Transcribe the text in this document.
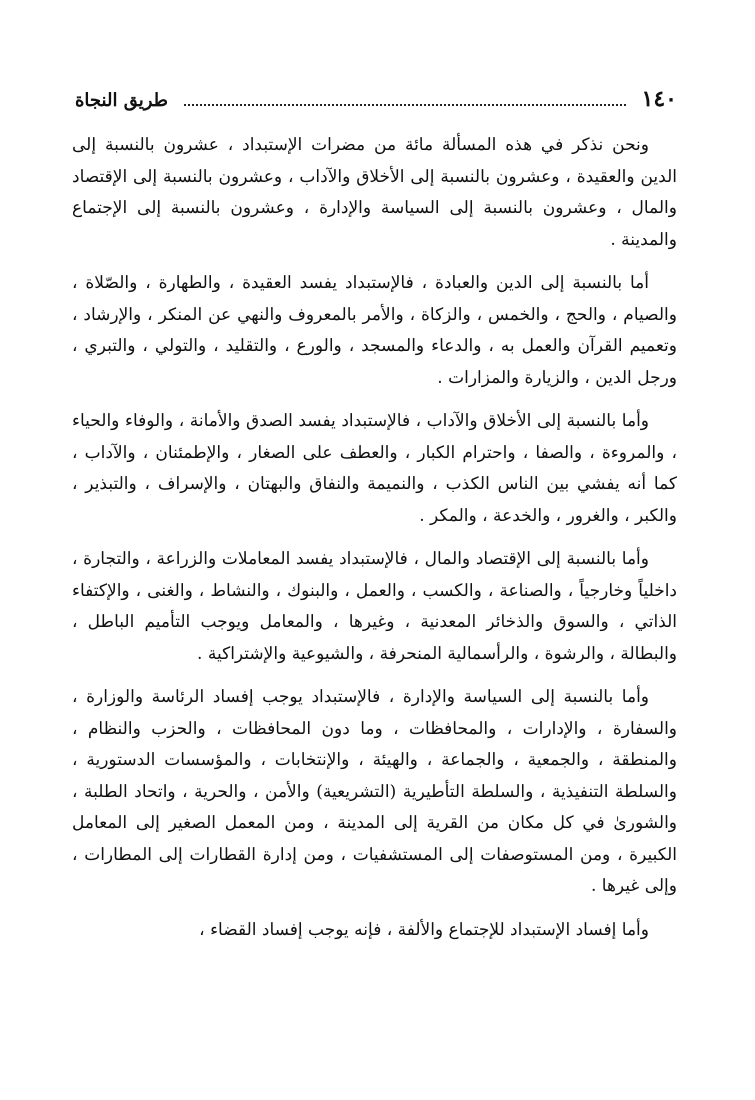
١٤٠
طريق النجاة

ونحن نذكر في هذه المسألة مائة من مضرات الإستبداد ، عشرون بالنسبة إلى الدين والعقيدة ، وعشرون بالنسبة إلى الأخلاق والآداب ، وعشرون بالنسبة إلى الإقتصاد والمال ، وعشرون بالنسبة إلى السياسة والإدارة ، وعشرون بالنسبة إلى الإجتماع والمدينة .

أما بالنسبة إلى الدين والعبادة ، فالإستبداد يفسد العقيدة ، والطهارة ، والصّلاة ، والصيام ، والحج ، والخمس ، والزكاة ، والأمر بالمعروف والنهي عن المنكر ، والإرشاد ، وتعميم القرآن والعمل به ، والدعاء والمسجد ، والورع ، والتقليد ، والتولي ، والتبري ، ورجل الدين ، والزيارة والمزارات .

وأما بالنسبة إلى الأخلاق والآداب ، فالإستبداد يفسد الصدق والأمانة ، والوفاء والحياء ، والمروءة ، والصفا ، واحترام الكبار ، والعطف على الصغار ، والإطمئنان ، والآداب ، كما أنه يفشي بين الناس الكذب ، والنميمة والنفاق والبهتان ، والإسراف ، والتبذير ، والكبر ، والغرور ، والخدعة ، والمكر .

وأما بالنسبة إلى الإقتصاد والمال ، فالإستبداد يفسد المعاملات والزراعة ، والتجارة ، داخلياً وخارجياً ، والصناعة ، والكسب ، والعمل ، والبنوك ، والنشاط ، والغنى ، والإكتفاء الذاتي ، والسوق والذخائر المعدنية ، وغيرها ، والمعامل ويوجب التأميم الباطل ، والبطالة ، والرشوة ، والرأسمالية المنحرفة ، والشيوعية والإشتراكية .

وأما بالنسبة إلى السياسة والإدارة ، فالإستبداد يوجب إفساد الرئاسة والوزارة ، والسفارة ، والإدارات ، والمحافظات ، وما دون المحافظات ، والحزب والنظام ، والمنطقة ، والجمعية ، والجماعة ، والهيئة ، والإنتخابات ، والمؤسسات الدستورية ، والسلطة التنفيذية ، والسلطة التأطيرية (التشريعية) والأمن ، والحرية ، واتحاد الطلبة ، والشورىٰ في كل مكان من القرية إلى المدينة ، ومن المعمل الصغير إلى المعامل الكبيرة ، ومن المستوصفات إلى المستشفيات ، ومن إدارة القطارات إلى المطارات ، وإلى غيرها .

وأما إفساد الإستبداد للإجتماع والألفة ، فإنه يوجب إفساد القضاء ،
